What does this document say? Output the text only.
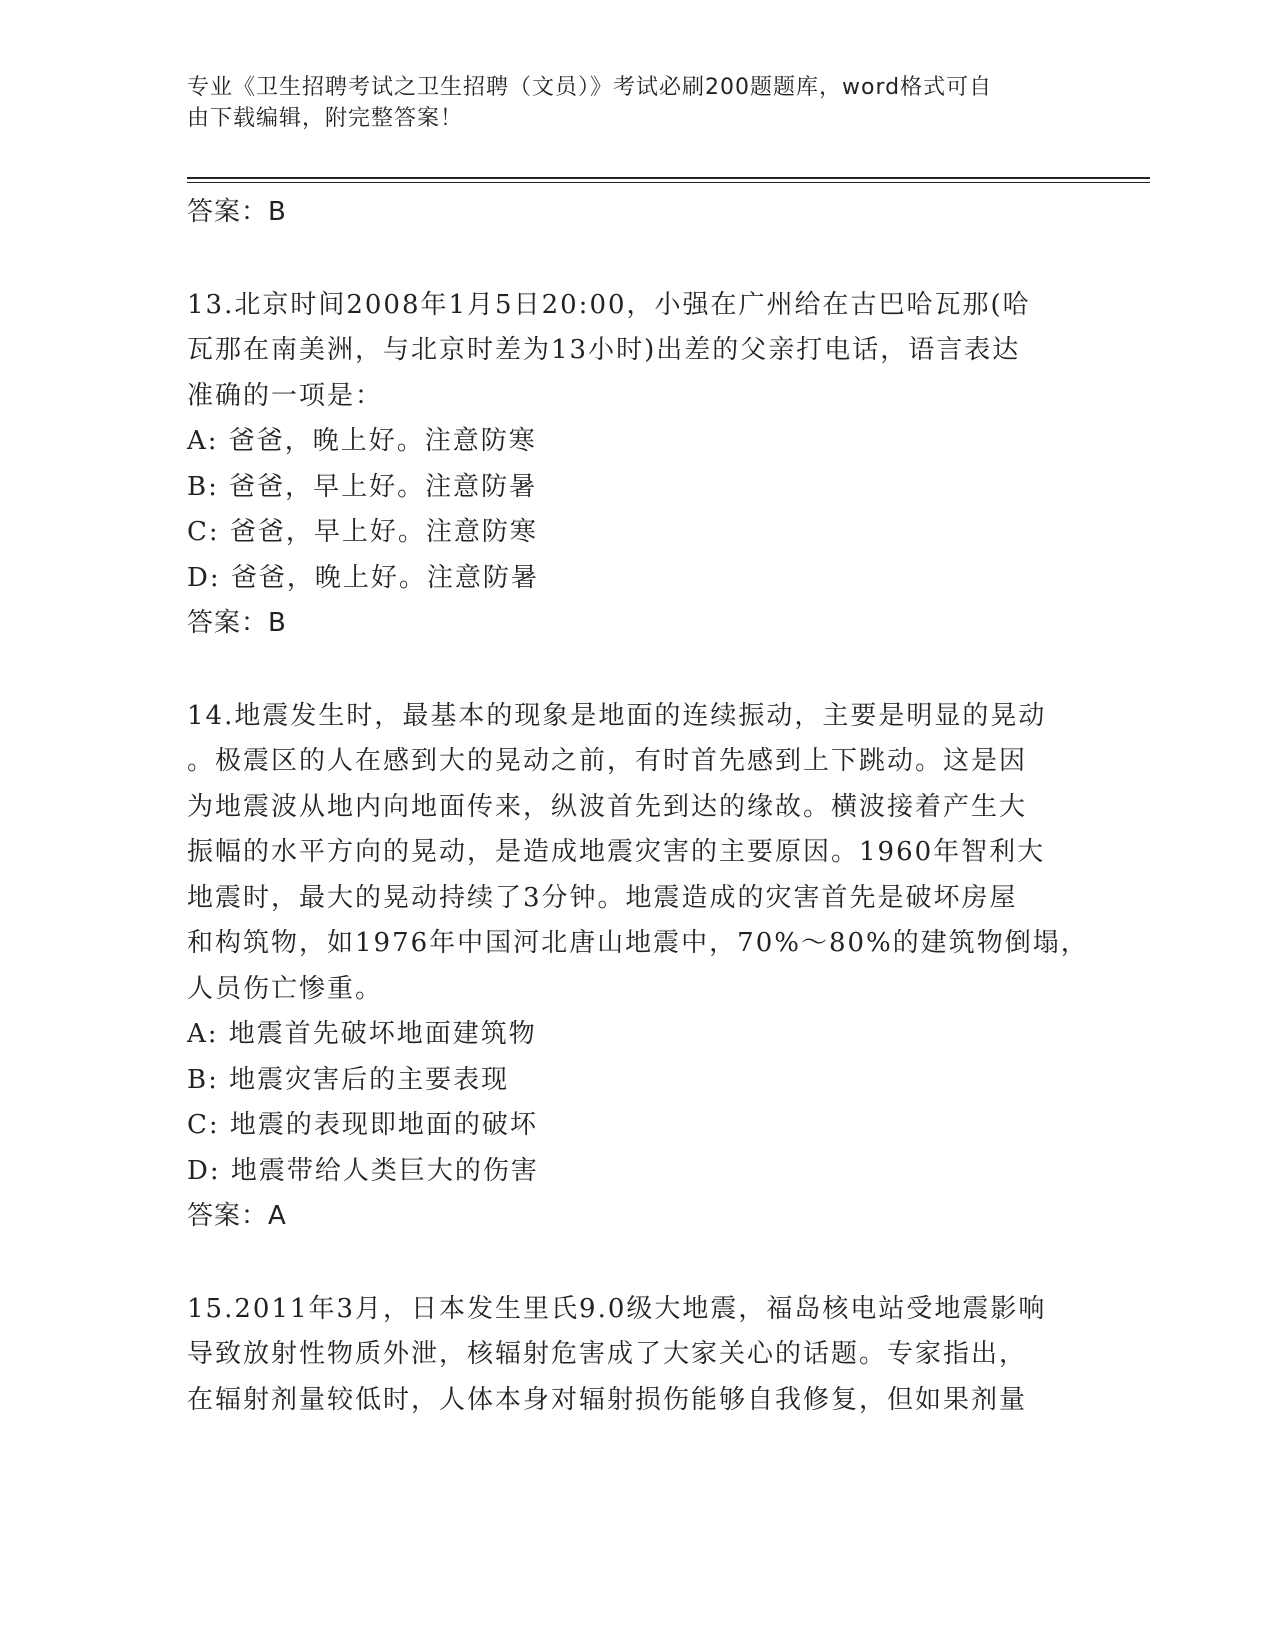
专业《卫生招聘考试之卫生招聘（文员）》考试必刷200题题库，word格式可自
由下载编辑，附完整答案！
答案：B
13.北京时间2008年1月5日20:00，小强在广州给在古巴哈瓦那(哈
瓦那在南美洲，与北京时差为13小时)出差的父亲打电话，语言表达
准确的一项是：
A: 爸爸，晚上好。注意防寒
B: 爸爸，早上好。注意防暑
C: 爸爸，早上好。注意防寒
D: 爸爸，晚上好。注意防暑
答案：B
14.地震发生时，最基本的现象是地面的连续振动，主要是明显的晃动
。极震区的人在感到大的晃动之前，有时首先感到上下跳动。这是因
为地震波从地内向地面传来，纵波首先到达的缘故。横波接着产生大
振幅的水平方向的晃动，是造成地震灾害的主要原因。1960年智利大
地震时，最大的晃动持续了3分钟。地震造成的灾害首先是破坏房屋
和构筑物，如1976年中国河北唐山地震中，70%～80%的建筑物倒塌，
人员伤亡惨重。
A: 地震首先破坏地面建筑物
B: 地震灾害后的主要表现
C: 地震的表现即地面的破坏
D: 地震带给人类巨大的伤害
答案：A
15.2011年3月，日本发生里氏9.0级大地震，福岛核电站受地震影响
导致放射性物质外泄，核辐射危害成了大家关心的话题。专家指出，
在辐射剂量较低时，人体本身对辐射损伤能够自我修复，但如果剂量
